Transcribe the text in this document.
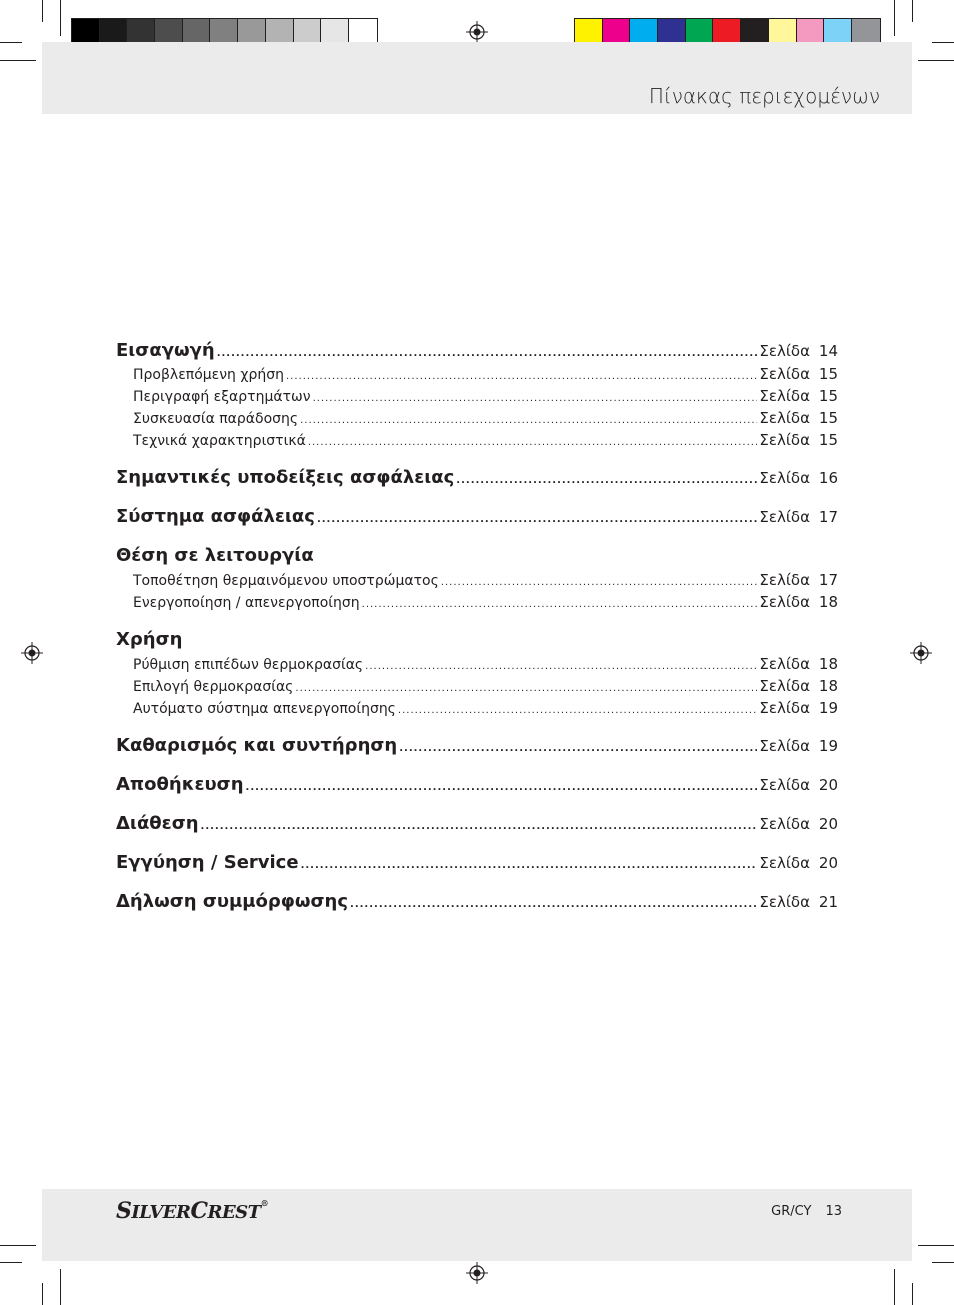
Πίνακας περιεχομένων
Εισαγωγή .....	Σελίδα 14
Προβλεπόμενη χρήση .....	Σελίδα 15
Περιγραφή εξαρτημάτων .....	Σελίδα 15
Συσκευασία παράδοσης .....	Σελίδα 15
Τεχνικά χαρακτηριστικά .....	Σελίδα 15
Σημαντικές υποδείξεις ασφάλειας .....	Σελίδα 16
Σύστημα ασφάλειας .....	Σελίδα 17
Θέση σε λειτουργία
Τοποθέτηση θερμαινόμενου υποστρώματος .....	Σελίδα 17
Ενεργοποίηση / απενεργοποίηση .....	Σελίδα 18
Χρήση
Ρύθμιση επιπέδων θερμοκρασίας .....	Σελίδα 18
Επιλογή θερμοκρασίας .....	Σελίδα 18
Αυτόματο σύστημα απενεργοποίησης .....	Σελίδα 19
Καθαρισμός και συντήρηση .....	Σελίδα 19
Αποθήκευση .....	Σελίδα 20
Διάθεση .....	Σελίδα 20
Εγγύηση / Service .....	Σελίδα 20
Δήλωση συμμόρφωσης .....	Σελίδα 21
SILVERCREST®
GR/CY 13
